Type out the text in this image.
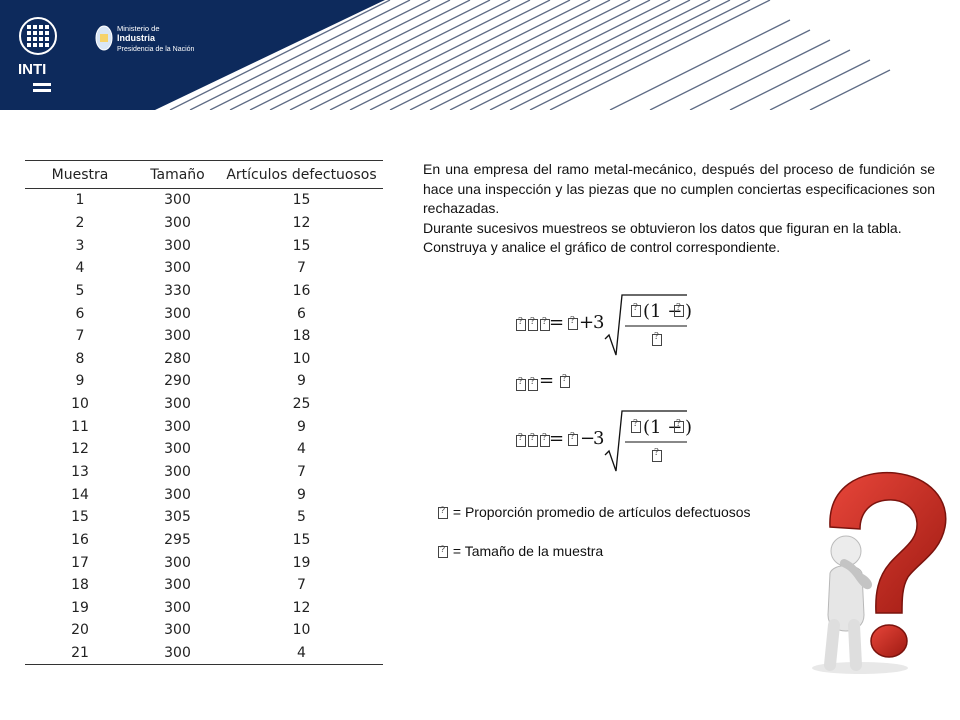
INTI
Ministerio de
Industria
Presidencia de la Nación
Muestra	Tamaño	Artículos defectuosos
1	300	15
2	300	12
3	300	15
4	300	7
5	330	16
6	300	6
7	300	18
8	280	10
9	290	9
10	300	25
11	300	9
12	300	4
13	300	7
14	300	9
15	305	5
16	295	15
17	300	19
18	300	7
19	300	12
20	300	10
21	300	4

En una empresa del ramo metal-mecánico, después del proceso de fundición se hace una inspección y las piezas que no cumplen conciertas especificaciones son rechazadas.

Durante sucesivos muestreos se obtuvieron los datos que figuran en la tabla.

Construya y analice el gráfico de control correspondiente.

???
= ? +
3
?
(1 − ? )
?
??
=
?
???
= ? −
3
?
(1 − ? )
?
? = Proporción promedio de artículos defectuosos
? = Tamaño de la muestra
